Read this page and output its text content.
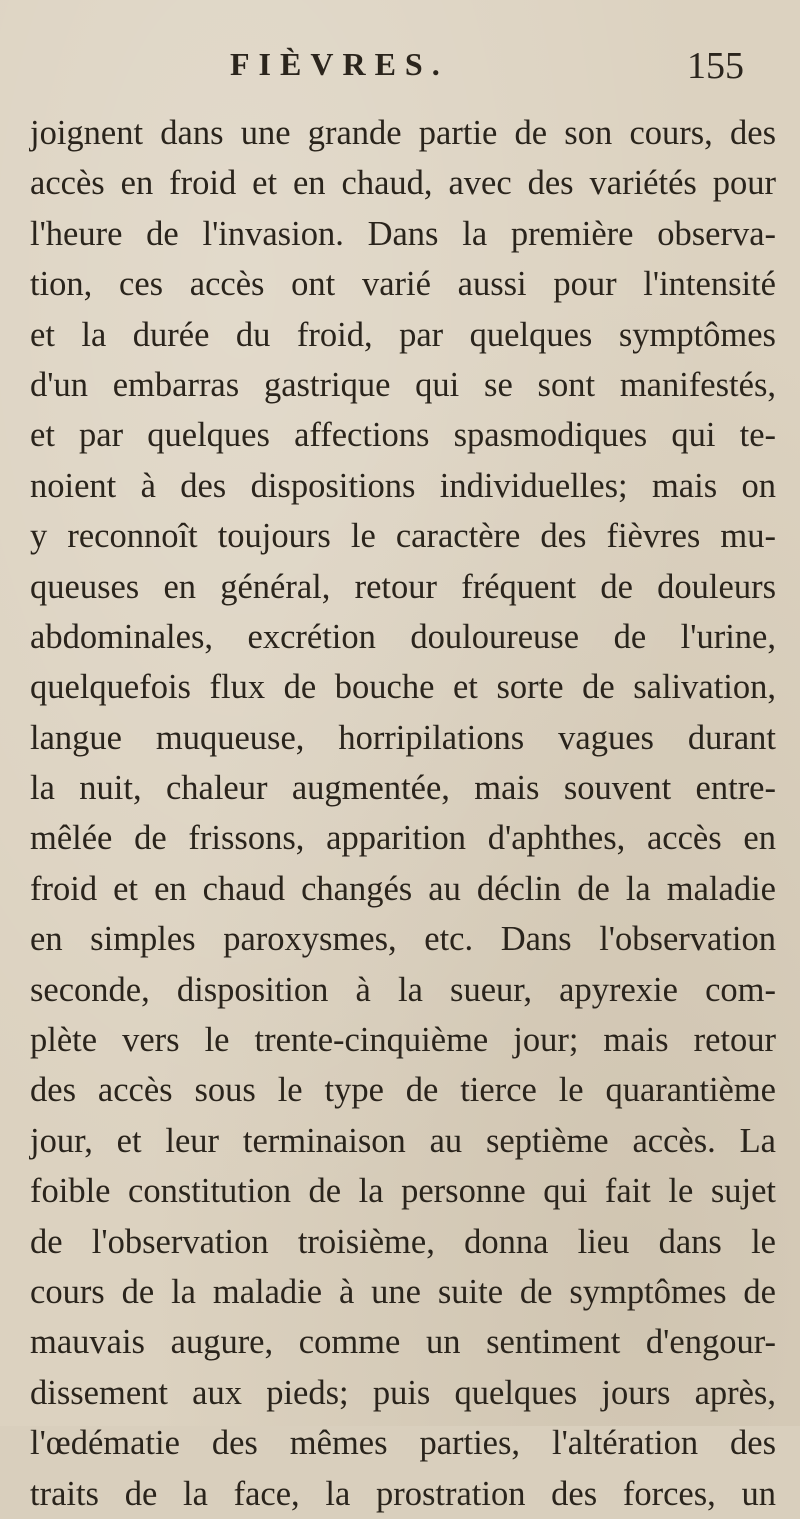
FIÈVRES.	155
joignent dans une grande partie de son cours, des
accès en froid et en chaud, avec des variétés pour
l'heure de l'invasion. Dans la première observa-
tion, ces accès ont varié aussi pour l'intensité
et la durée du froid, par quelques symptômes
d'un embarras gastrique qui se sont manifestés,
et par quelques affections spasmodiques qui te-
noient à des dispositions individuelles; mais on
y reconnoît toujours le caractère des fièvres mu-
queuses en général, retour fréquent de douleurs
abdominales, excrétion douloureuse de l'urine,
quelquefois flux de bouche et sorte de salivation,
langue muqueuse, horripilations vagues durant
la nuit, chaleur augmentée, mais souvent entre-
mêlée de frissons, apparition d'aphthes, accès en
froid et en chaud changés au déclin de la maladie
en simples paroxysmes, etc. Dans l'observation
seconde, disposition à la sueur, apyrexie com-
plète vers le trente-cinquième jour; mais retour
des accès sous le type de tierce le quarantième
jour, et leur terminaison au septième accès. La
foible constitution de la personne qui fait le sujet
de l'observation troisième, donna lieu dans le
cours de la maladie à une suite de symptômes de
mauvais augure, comme un sentiment d'engour-
dissement aux pieds; puis quelques jours après,
l'œdématie des mêmes parties, l'altération des
traits de la face, la prostration des forces, un
